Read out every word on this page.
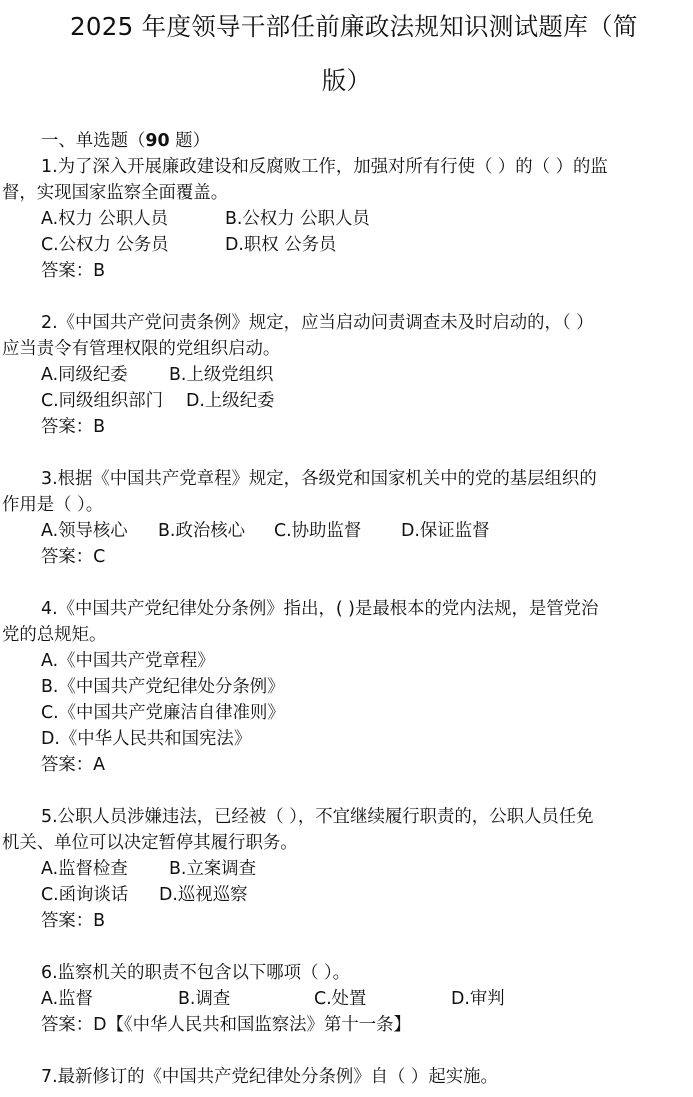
2025 年度领导干部任前廉政法规知识测试题库（简
版）
一、单选题（90 题）
1.为了深入开展廉政建设和反腐败工作，加强对所有行使（ ）的（ ）的监
督，实现国家监察全面覆盖。
A.权力 公职人员	B.公权力 公职人员
C.公权力 公务员	D.职权 公务员
答案：B
2.《中国共产党问责条例》规定，应当启动问责调查未及时启动的，（ ）
应当责令有管理权限的党组织启动。
A.同级纪委 B.上级党组织
C.同级组织部门 D.上级纪委
答案：B
3.根据《中国共产党章程》规定，各级党和国家机关中的党的基层组织的
作用是（ ）。
A.领导核心 B.政治核心 C.协助监督 D.保证监督
答案：C
4.《中国共产党纪律处分条例》指出，( )是最根本的党内法规，是管党治
党的总规矩。
A.《中国共产党章程》
B.《中国共产党纪律处分条例》
C.《中国共产党廉洁自律准则》
D.《中华人民共和国宪法》
答案：A
5.公职人员涉嫌违法，已经被（ ），不宜继续履行职责的，公职人员任免
机关、单位可以决定暂停其履行职务。
A.监督检查 B.立案调查
C.函询谈话 D.巡视巡察
答案：B
6.监察机关的职责不包含以下哪项（ ）。
A.监督	B.调查	C.处置	D.审判
答案：D【《中华人民共和国监察法》第十一条】
7.最新修订的《中国共产党纪律处分条例》自（ ）起实施。
